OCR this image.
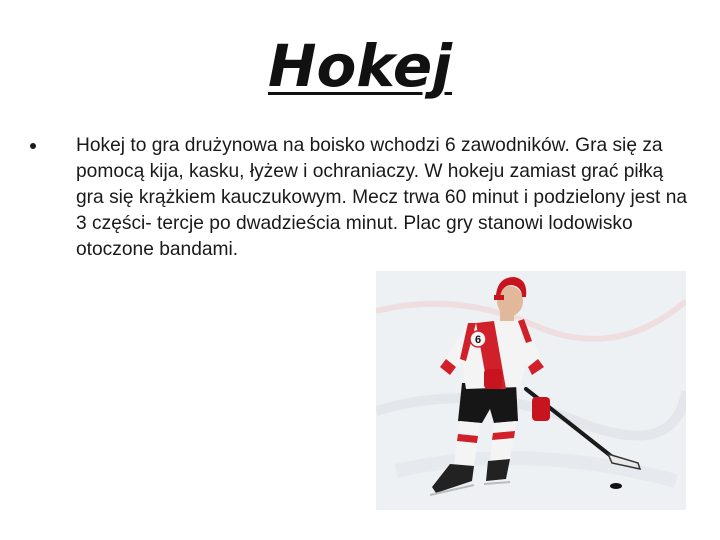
Hokej
Hokej to gra drużynowa na boisko wchodzi 6 zawodników. Gra się za pomocą kija, kasku, łyżew i ochraniaczy. W hokeju zamiast grać piłką gra się krążkiem kauczukowym. Mecz trwa 60 minut i podzielony jest na 3 części- tercje po dwadzieścia minut. Plac gry stanowi lodowisko otoczone bandami.
6
